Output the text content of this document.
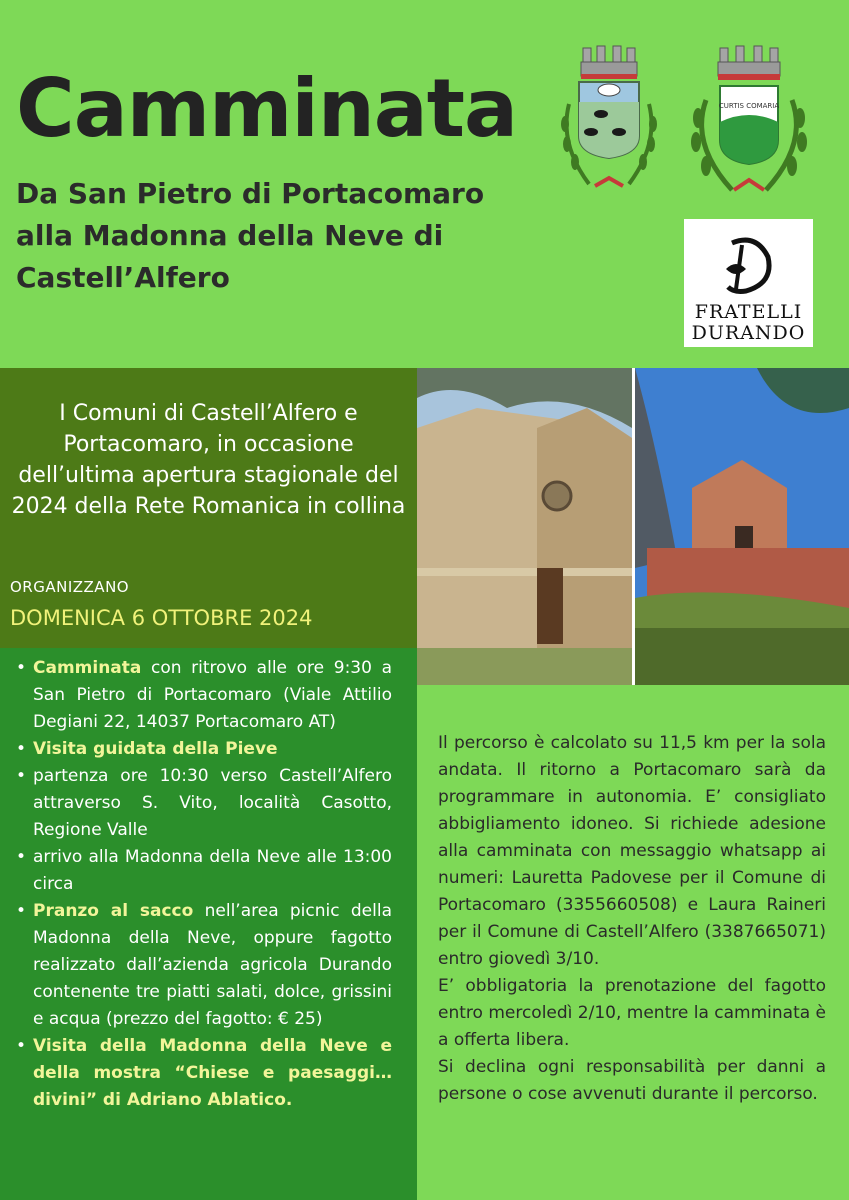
Camminata
Da San Pietro di Portacomaro
alla Madonna della Neve di
Castell’Alfero
CURTIS COMARIA
FRATELLI
DURANDO
I Comuni di Castell’Alfero e Portacomaro, in occasione dell’ultima apertura stagionale del 2024 della Rete Romanica in collina
ORGANIZZANO
DOMENICA 6 OTTOBRE 2024
• Camminata con ritrovo alle ore 9:30 a San Pietro di Portacomaro (Viale Attilio Degiani 22, 14037 Portacomaro AT)
• Visita guidata della Pieve
• partenza ore 10:30 verso Castell’Alfero attraverso S. Vito, località Casotto, Regione Valle
• arrivo alla Madonna della Neve alle 13:00 circa
• Pranzo al sacco nell’area picnic della Madonna della Neve, oppure fagotto realizzato dall’azienda agricola Durando contenente tre piatti salati, dolce, grissini e acqua (prezzo del fagotto: € 25)
• Visita della Madonna della Neve e della mostra “Chiese e paesaggi… divini” di Adriano Ablatico.

Il percorso è calcolato su 11,5 km per la sola andata. Il ritorno a Portacomaro sarà da programmare in autonomia. E’ consigliato abbigliamento idoneo. Si richiede adesione alla camminata con messaggio whatsapp ai numeri: Lauretta Padovese per il Comune di Portacomaro (3355660508) e Laura Raineri per il Comune di Castell’Alfero (3387665071) entro giovedì 3/10.

E’ obbligatoria la prenotazione del fagotto entro mercoledì 2/10, mentre la camminata è a offerta libera.

Si declina ogni responsabilità per danni a persone o cose avvenuti durante il percorso.
